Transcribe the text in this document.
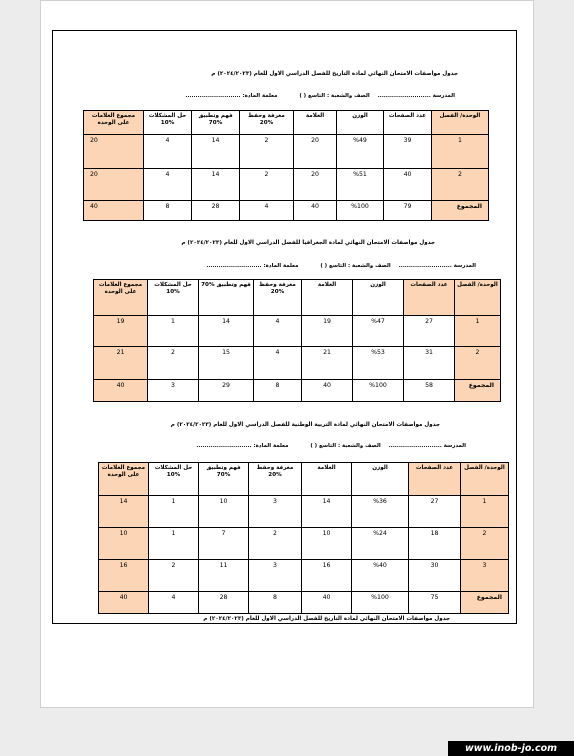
جدول مواصفات الامتحان النهائي لمادة التاريخ للفصل الدراسي الاول للعام (٢٠٢٤/٢٠٢٣) م
المدرسة .......................... الصف والشعبة : التاسع ( ) معلمة المادة: ...........................
الوحدة/ الفصل	عدد الصفحات	الوزن	العلامة	معرفة وحفظ %20	فهم وتطبيق %70	حل المشكلات %10	مجموع العلامات على الوحدة
1	39	%49	20	2	14	4	20
2	40	%51	20	2	14	4	20
المجموع	79	%100	40	4	28	8	40
جدول مواصفات الامتحان النهائي لمادة الجغرافيا للفصل الدراسي الاول للعام (٢٠٢٤/٢٠٢٣) م
المدرسة .......................... الصف والشعبة : التاسع ( ) معلمة المادة: ...........................
الوحدة/ الفصل	عدد الصفحات	الوزن	العلامة	معرفة وحفظ %20	فهم وتطبيق %70	حل المشكلات %10	مجموع العلامات على الوحدة
1	27	%47	19	4	14	1	19
2	31	%53	21	4	15	2	21
المجموع	58	%100	40	8	29	3	40
جدول مواصفات الامتحان النهائي لمادة التربية الوطنية للفصل الدراسي الاول للعام (٢٠٢٤/٢٠٢٣) م
المدرسة .......................... الصف والشعبة : التاسع ( ) معلمة المادة: ...........................
الوحدة/ الفصل	عدد الصفحات	الوزن	العلامة	معرفة وحفظ %20	فهم وتطبيق %70	حل المشكلات %10	مجموع العلامات على الوحدة
1	27	%36	14	3	10	1	14
2	18	%24	10	2	7	1	10
3	30	%40	16	3	11	2	16
المجموع	75	%100	40	8	28	4	40
جدول مواصفات الامتحان النهائي لمادة التاريخ للفصل الدراسي الاول للعام (٢٠٢٤/٢٠٢٣) م
www.inob-jo.com
